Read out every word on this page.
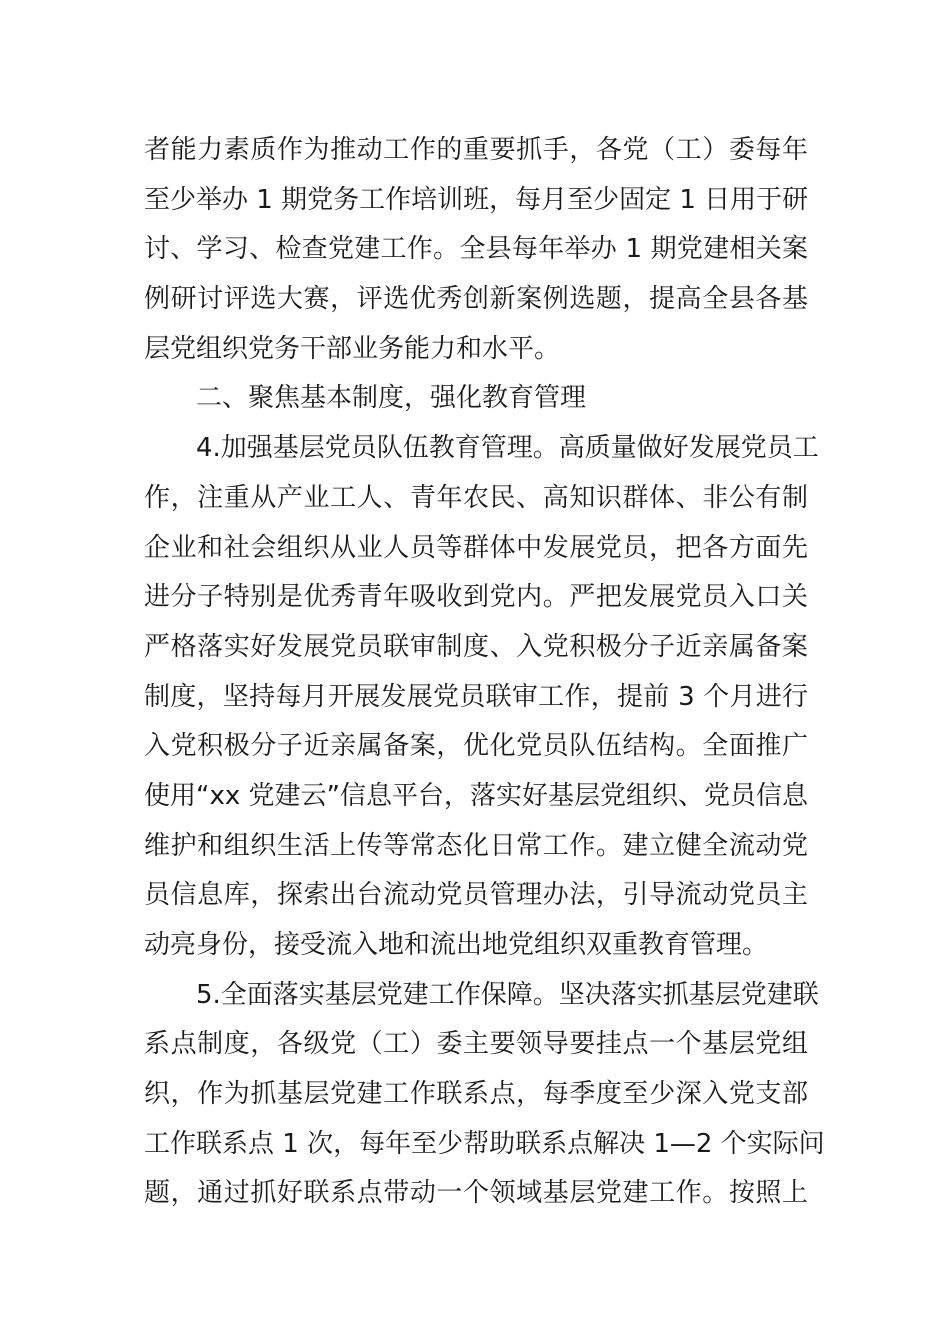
者能力素质作为推动工作的重要抓手，各党（工）委每年
至少举办 1 期党务工作培训班，每月至少固定 1 日用于研
讨、学习、检查党建工作。全县每年举办 1 期党建相关案
例研讨评选大赛，评选优秀创新案例选题，提高全县各基
层党组织党务干部业务能力和水平。
二、聚焦基本制度，强化教育管理
4.加强基层党员队伍教育管理。高质量做好发展党员工
作，注重从产业工人、青年农民、高知识群体、非公有制
企业和社会组织从业人员等群体中发展党员，把各方面先
进分子特别是优秀青年吸收到党内。严把发展党员入口关
严格落实好发展党员联审制度、入党积极分子近亲属备案
制度，坚持每月开展发展党员联审工作，提前 3 个月进行
入党积极分子近亲属备案，优化党员队伍结构。全面推广
使用“xx 党建云”信息平台，落实好基层党组织、党员信息
维护和组织生活上传等常态化日常工作。建立健全流动党
员信息库，探索出台流动党员管理办法，引导流动党员主
动亮身份，接受流入地和流出地党组织双重教育管理。
5.全面落实基层党建工作保障。坚决落实抓基层党建联
系点制度，各级党（工）委主要领导要挂点一个基层党组
织，作为抓基层党建工作联系点，每季度至少深入党支部
工作联系点 1 次，每年至少帮助联系点解决 1—2 个实际问
题，通过抓好联系点带动一个领域基层党建工作。按照上
